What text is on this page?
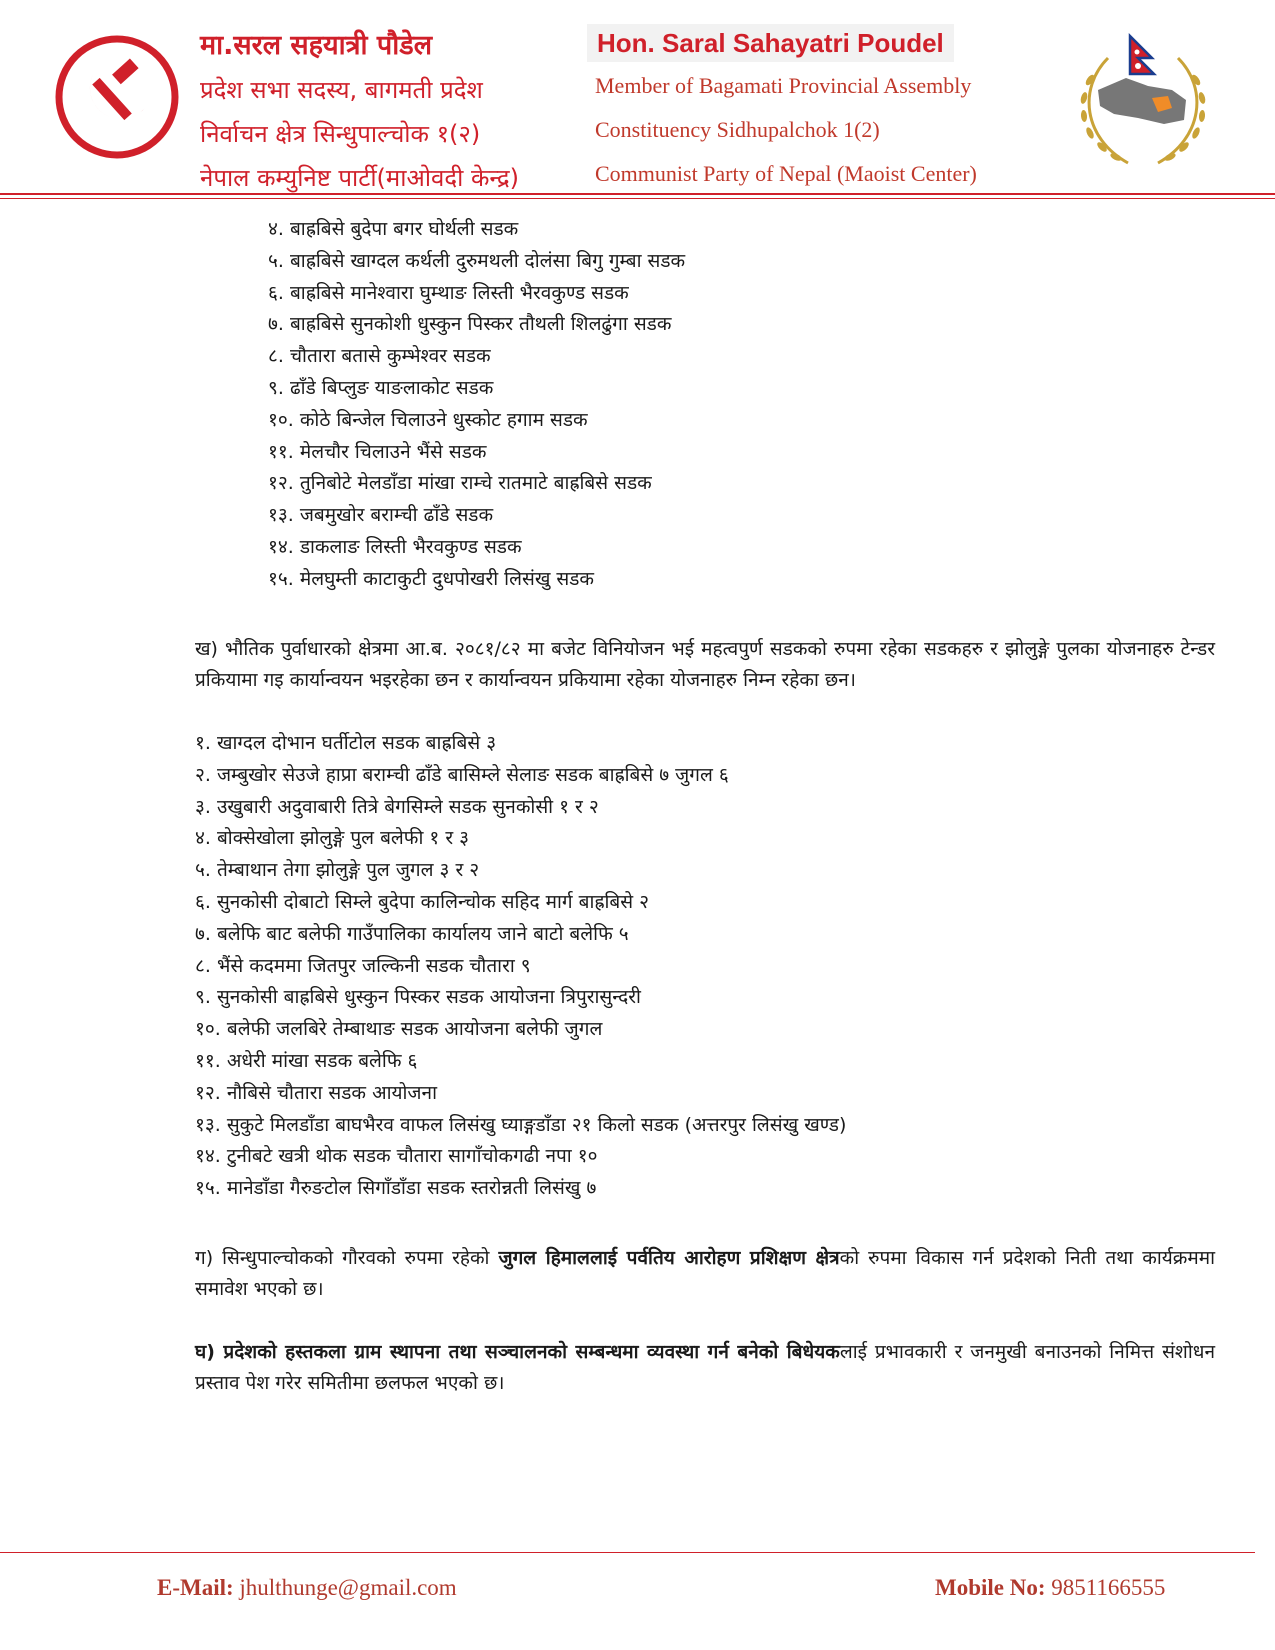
मा.सरल सहयात्री पौडेल
प्रदेश सभा सदस्य, बागमती प्रदेश
निर्वाचन क्षेत्र सिन्धुपाल्चोक १(२)
नेपाल कम्युनिष्ट पार्टी(माओवदी केन्द्र)
Hon. Saral Sahayatri Poudel
Member of Bagamati Provincial Assembly
Constituency Sidhupalchok 1(2)
Communist Party of Nepal (Maoist Center)
४. बाह्रबिसे बुदेपा बगर घोर्थली सडक
५. बाह्रबिसे खाग्दल कर्थली दुरुमथली दोलंसा बिगु गुम्बा सडक
६. बाह्रबिसे मानेश्वारा घुम्थाङ लिस्ती भैरवकुण्ड सडक
७. बाह्रबिसे सुनकोशी धुस्कुन पिस्कर तौथली शिलढुंगा सडक
८. चौतारा बतासे कुम्भेश्वर सडक
९. ढाँडे बिप्लुङ याङलाकोट सडक
१०. कोठे बिन्जेल चिलाउने धुस्कोट हगाम सडक
११. मेलचौर चिलाउने भैंसे सडक
१२. तुनिबोटे मेलडाँडा मांखा राम्चे रातमाटे बाह्रबिसे सडक
१३. जबमुखोर बराम्ची ढाँडे सडक
१४. डाकलाङ लिस्ती भैरवकुण्ड सडक
१५. मेलघुम्ती काटाकुटी दुधपोखरी लिसंखु सडक
ख) भौतिक पुर्वाधारको क्षेत्रमा आ.ब. २०८१/८२ मा बजेट विनियोजन भई महत्वपुर्ण सडकको रुपमा रहेका सडकहरु र झोलुङ्गे पुलका योजनाहरु टेन्डर प्रकियामा गइ कार्यान्वयन भइरहेका छन र कार्यान्वयन प्रकियामा रहेका योजनाहरु निम्न रहेका छन।
१. खाग्दल दोभान घर्तीटोल सडक बाह्रबिसे ३
२. जम्बुखोर सेउजे हाप्रा बराम्ची ढाँडे बासिम्ले सेलाङ सडक बाह्रबिसे ७ जुगल ६
३. उखुबारी अदुवाबारी तित्रे बेगसिम्ले सडक सुनकोसी १ र २
४. बोक्सेखोला झोलुङ्गे पुल बलेफी १ र ३
५. तेम्बाथान तेगा झोलुङ्गे पुल जुगल ३ र २
६. सुनकोसी दोबाटो सिम्ले बुदेपा कालिन्चोक सहिद मार्ग बाह्रबिसे २
७. बलेफि बाट बलेफी गाउँपालिका कार्यालय जाने बाटो बलेफि ५
८. भैंसे कदममा जितपुर जल्किनी सडक चौतारा ९
९. सुनकोसी बाह्रबिसे धुस्कुन पिस्कर सडक आयोजना त्रिपुरासुन्दरी
१०. बलेफी जलबिरे तेम्बाथाङ सडक आयोजना बलेफी जुगल
११. अधेरी मांखा सडक बलेफि ६
१२. नौबिसे चौतारा सडक आयोजना
१३. सुकुटे मिलडाँडा बाघभैरव वाफल लिसंखु घ्याङ्गडाँडा २१ किलो सडक (अत्तरपुर लिसंखु खण्ड)
१४. टुनीबटे खत्री थोक सडक चौतारा सागाँचोकगढी नपा १०
१५. मानेडाँडा गैरुङटोल सिगाँडाँडा सडक स्तरोन्नती लिसंखु ७
ग) सिन्धुपाल्चोकको गौरवको रुपमा रहेको जुगल हिमाललाई पर्वतिय आरोहण प्रशिक्षण क्षेत्रको रुपमा विकास गर्न प्रदेशको निती तथा कार्यक्रममा समावेश भएको छ।
घ) प्रदेशको हस्तकला ग्राम स्थापना तथा सञ्चालनको सम्बन्धमा व्यवस्था गर्न बनेको बिधेयकलाई प्रभावकारी र जनमुखी बनाउनको निमित्त संशोधन प्रस्ताव पेश गरेर समितीमा छलफल भएको छ।
E-Mail: jhulthunge@gmail.com	Mobile No: 9851166555
